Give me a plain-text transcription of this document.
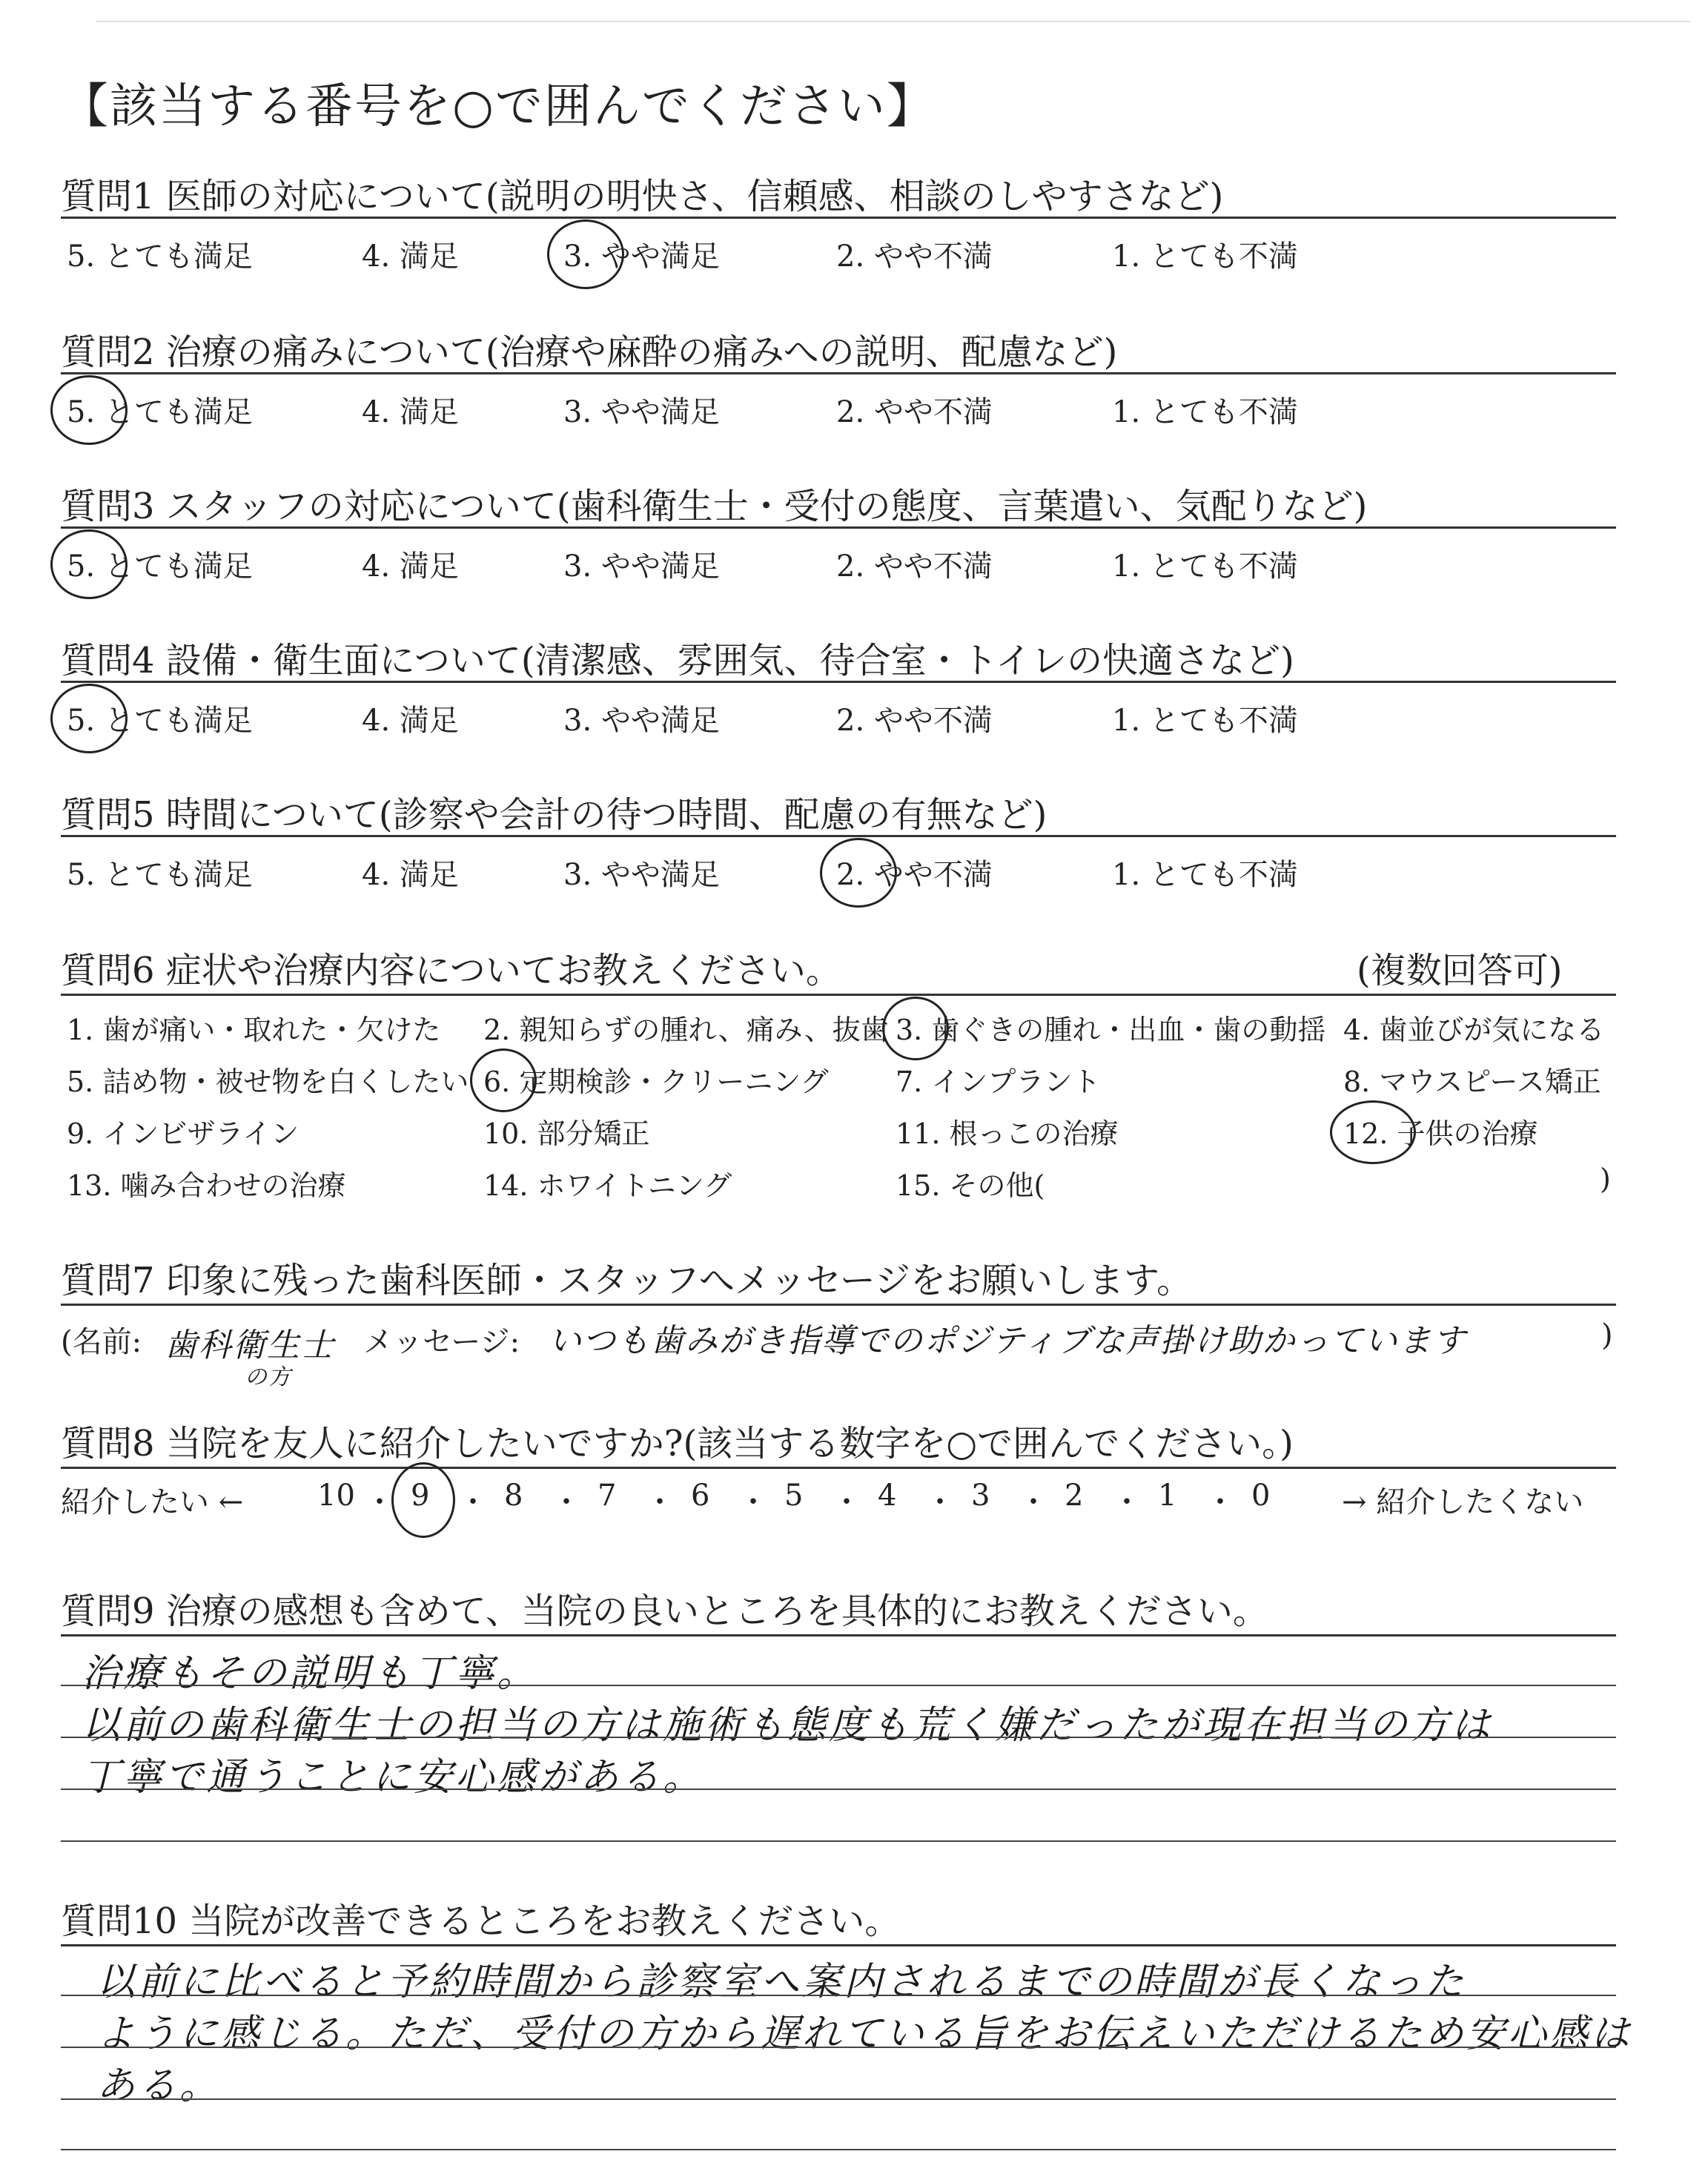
【該当する番号を○で囲んでください】
質問6 症状や治療内容についてお教えください。	(複数回答可)
質問7 印象に残った歯科医師・スタッフへメッセージをお願いします。
(名前: 歯科衛生士
の方
メッセージ: いつも歯みがき指導でのポジティブな声掛け助かっています	)
質問8 当院を友人に紹介したいですか?(該当する数字を○で囲んでください。)
紹介したい ←	→ 紹介したくない
質問9 治療の感想も含めて、当院の良いところを具体的にお教えください。
質問10 当院が改善できるところをお教えください。
質問1 医師の対応について(説明の明快さ、信頼感、相談のしやすさなど)
5. とても満足	4. 満足	3. やや満足	2. やや不満	1. とても不満
質問2 治療の痛みについて(治療や麻酔の痛みへの説明、配慮など)
5. とても満足	4. 満足	3. やや満足	2. やや不満	1. とても不満
質問3 スタッフの対応について(歯科衛生士・受付の態度、言葉遣い、気配りなど)
5. とても満足	4. 満足	3. やや満足	2. やや不満	1. とても不満
質問4 設備・衛生面について(清潔感、雰囲気、待合室・トイレの快適さなど)
5. とても満足	4. 満足	3. やや満足	2. やや不満	1. とても不満
質問5 時間について(診察や会計の待つ時間、配慮の有無など)
5. とても満足	4. 満足	3. やや満足	2. やや不満	1. とても不満
1. 歯が痛い・取れた・欠けた 2. 親知らずの腫れ、痛み、抜歯 3. 歯ぐきの腫れ・出血・歯の動揺 4. 歯並びが気になる
5. 詰め物・被せ物を白くしたい 6. 定期検診・クリーニング 7. インプラント	8. マウスピース矯正
9. インビザライン	10. 部分矯正	11. 根っこの治療	12. 子供の治療
13. 噛み合わせの治療	14. ホワイトニング	15. その他(	)
10 ・ 9 ・ 8 ・ 7 ・ 6 ・ 5 ・ 4 ・ 3 ・ 2 ・ 1 ・ 0
治療もその説明も丁寧。
以前の歯科衛生士の担当の方は施術も態度も荒く嫌だったが現在担当の方は
丁寧で通うことに安心感がある。
以前に比べると予約時間から診察室へ案内されるまでの時間が長くなった
ように感じる。ただ、受付の方から遅れている旨をお伝えいただけるため安心感は
ある。
